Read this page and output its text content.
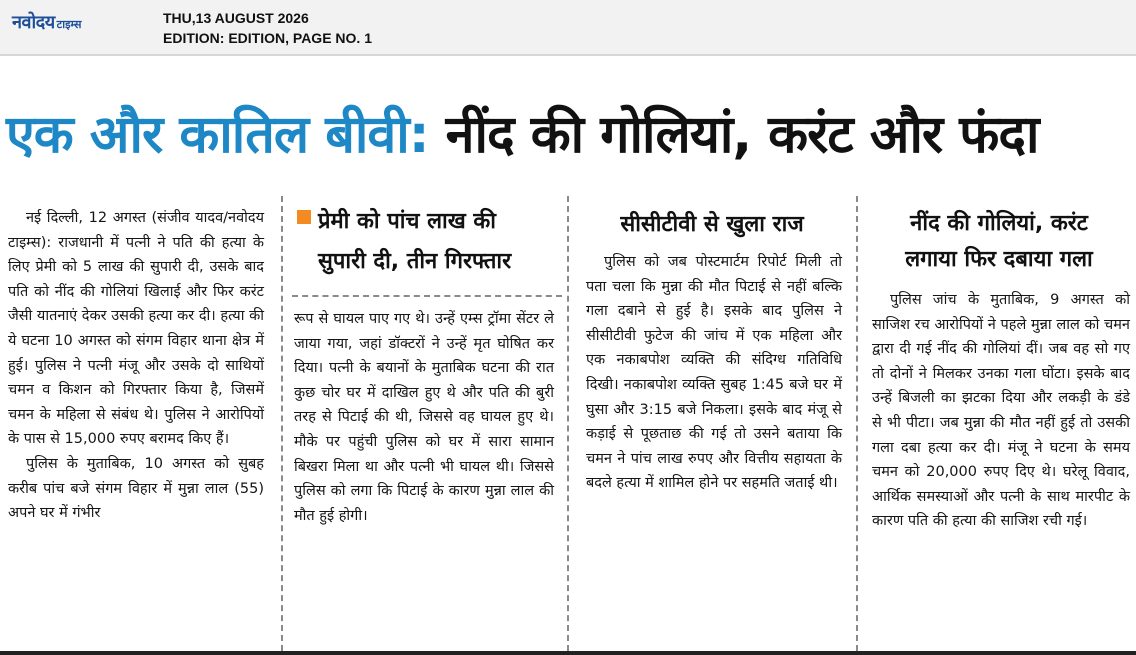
नवोदय टाइम्स	THU,13 AUGUST 2026
EDITION: EDITION, PAGE NO. 1
एक और कातिल बीवी: नींद की गोलियां, करंट और फंदा

नई दिल्ली, 12 अगस्त (संजीव यादव/नवोदय टाइम्स): राजधानी में पत्नी ने पति की हत्या के लिए प्रेमी को 5 लाख की सुपारी दी, उसके बाद पति को नींद की गोलियां खिलाई और फिर करंट जैसी यातनाएं देकर उसकी हत्या कर दी। हत्या की ये घटना 10 अगस्त को संगम विहार थाना क्षेत्र में हुई। पुलिस ने पत्नी मंजू और उसके दो साथियों चमन व किशन को गिरफ्तार किया है, जिसमें चमन के महिला से संबंध थे। पुलिस ने आरोपियों के पास से 15,000 रुपए बरामद किए हैं।

पुलिस के मुताबिक, 10 अगस्त को सुबह करीब पांच बजे संगम विहार में मुन्ना लाल (55) अपने घर में गंभीर

प्रेमी को पांच लाख की
सुपारी दी, तीन गिरफ्तार

रूप से घायल पाए गए थे। उन्हें एम्स ट्रॉमा सेंटर ले जाया गया, जहां डॉक्टरों ने उन्हें मृत घोषित कर दिया। पत्नी के बयानों के मुताबिक घटना की रात कुछ चोर घर में दाखिल हुए थे और पति की बुरी तरह से पिटाई की थी, जिससे वह घायल हुए थे। मौके पर पहुंची पुलिस को घर में सारा सामान बिखरा मिला था और पत्नी भी घायल थी। जिससे पुलिस को लगा कि पिटाई के कारण मुन्ना लाल की मौत हुई होगी।

सीसीटीवी से खुला राज

पुलिस को जब पोस्टमार्टम रिपोर्ट मिली तो पता चला कि मुन्ना की मौत पिटाई से नहीं बल्कि गला दबाने से हुई है। इसके बाद पुलिस ने सीसीटीवी फुटेज की जांच में एक महिला और एक नकाबपोश व्यक्ति की संदिग्ध गतिविधि दिखी। नकाबपोश व्यक्ति सुबह 1:45 बजे घर में घुसा और 3:15 बजे निकला। इसके बाद मंजू से कड़ाई से पूछताछ की गई तो उसने बताया कि चमन ने पांच लाख रुपए और वित्तीय सहायता के बदले हत्या में शामिल होने पर सहमति जताई थी।

नींद की गोलियां, करंट
लगाया फिर दबाया गला

पुलिस जांच के मुताबिक, 9 अगस्त को साजिश रच आरोपियों ने पहले मुन्ना लाल को चमन द्वारा दी गई नींद की गोलियां दीं। जब वह सो गए तो दोनों ने मिलकर उनका गला घोंटा। इसके बाद उन्हें बिजली का झटका दिया और लकड़ी के डंडे से भी पीटा। जब मुन्ना की मौत नहीं हुई तो उसकी गला दबा हत्या कर दी। मंजू ने घटना के समय चमन को 20,000 रुपए दिए थे। घरेलू विवाद, आर्थिक समस्याओं और पत्नी के साथ मारपीट के कारण पति की हत्या की साजिश रची गई।
